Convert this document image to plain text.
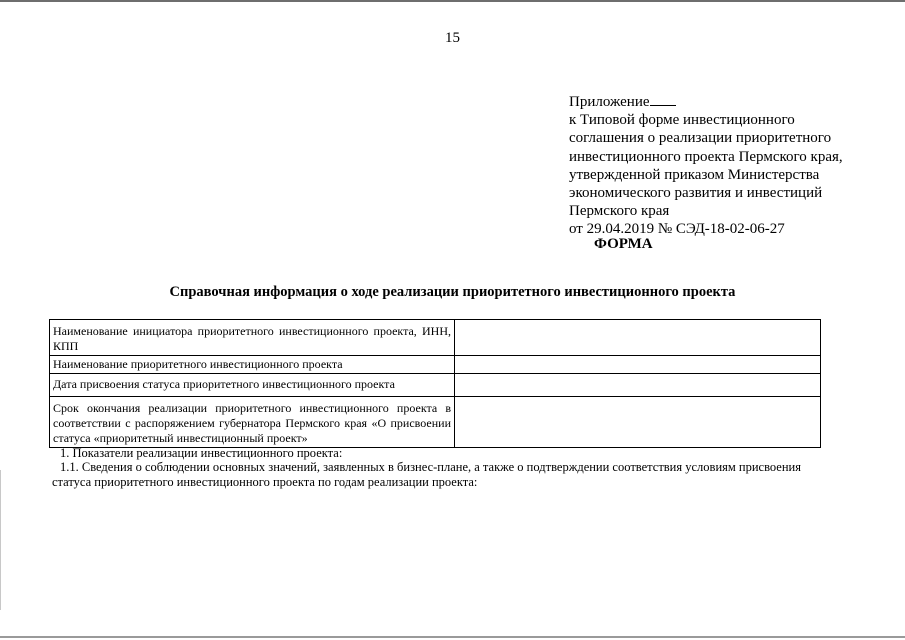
15
Приложение
к Типовой форме инвестиционного
соглашения о реализации приоритетного
инвестиционного проекта Пермского края,
утвержденной приказом Министерства
экономического развития и инвестиций
Пермского края
от 29.04.2019 № СЭД-18-02-06-27
ФОРМА
Справочная информация о ходе реализации приоритетного инвестиционного проекта
Наименование инициатора приоритетного инвестиционного проекта, ИНН, КПП	
Наименование приоритетного инвестиционного проекта	
Дата присвоения статуса приоритетного инвестиционного проекта	
Срок окончания реализации приоритетного инвестиционного проекта в соответствии с распоряжением губернатора Пермского края «О присвоении статуса «приоритетный инвестиционный проект»	
1. Показатели реализации инвестиционного проекта:
1.1. Сведения о соблюдении основных значений, заявленных в бизнес-плане, а также о подтверждении соответствия условиям присвоения
статуса приоритетного инвестиционного проекта по годам реализации проекта:
